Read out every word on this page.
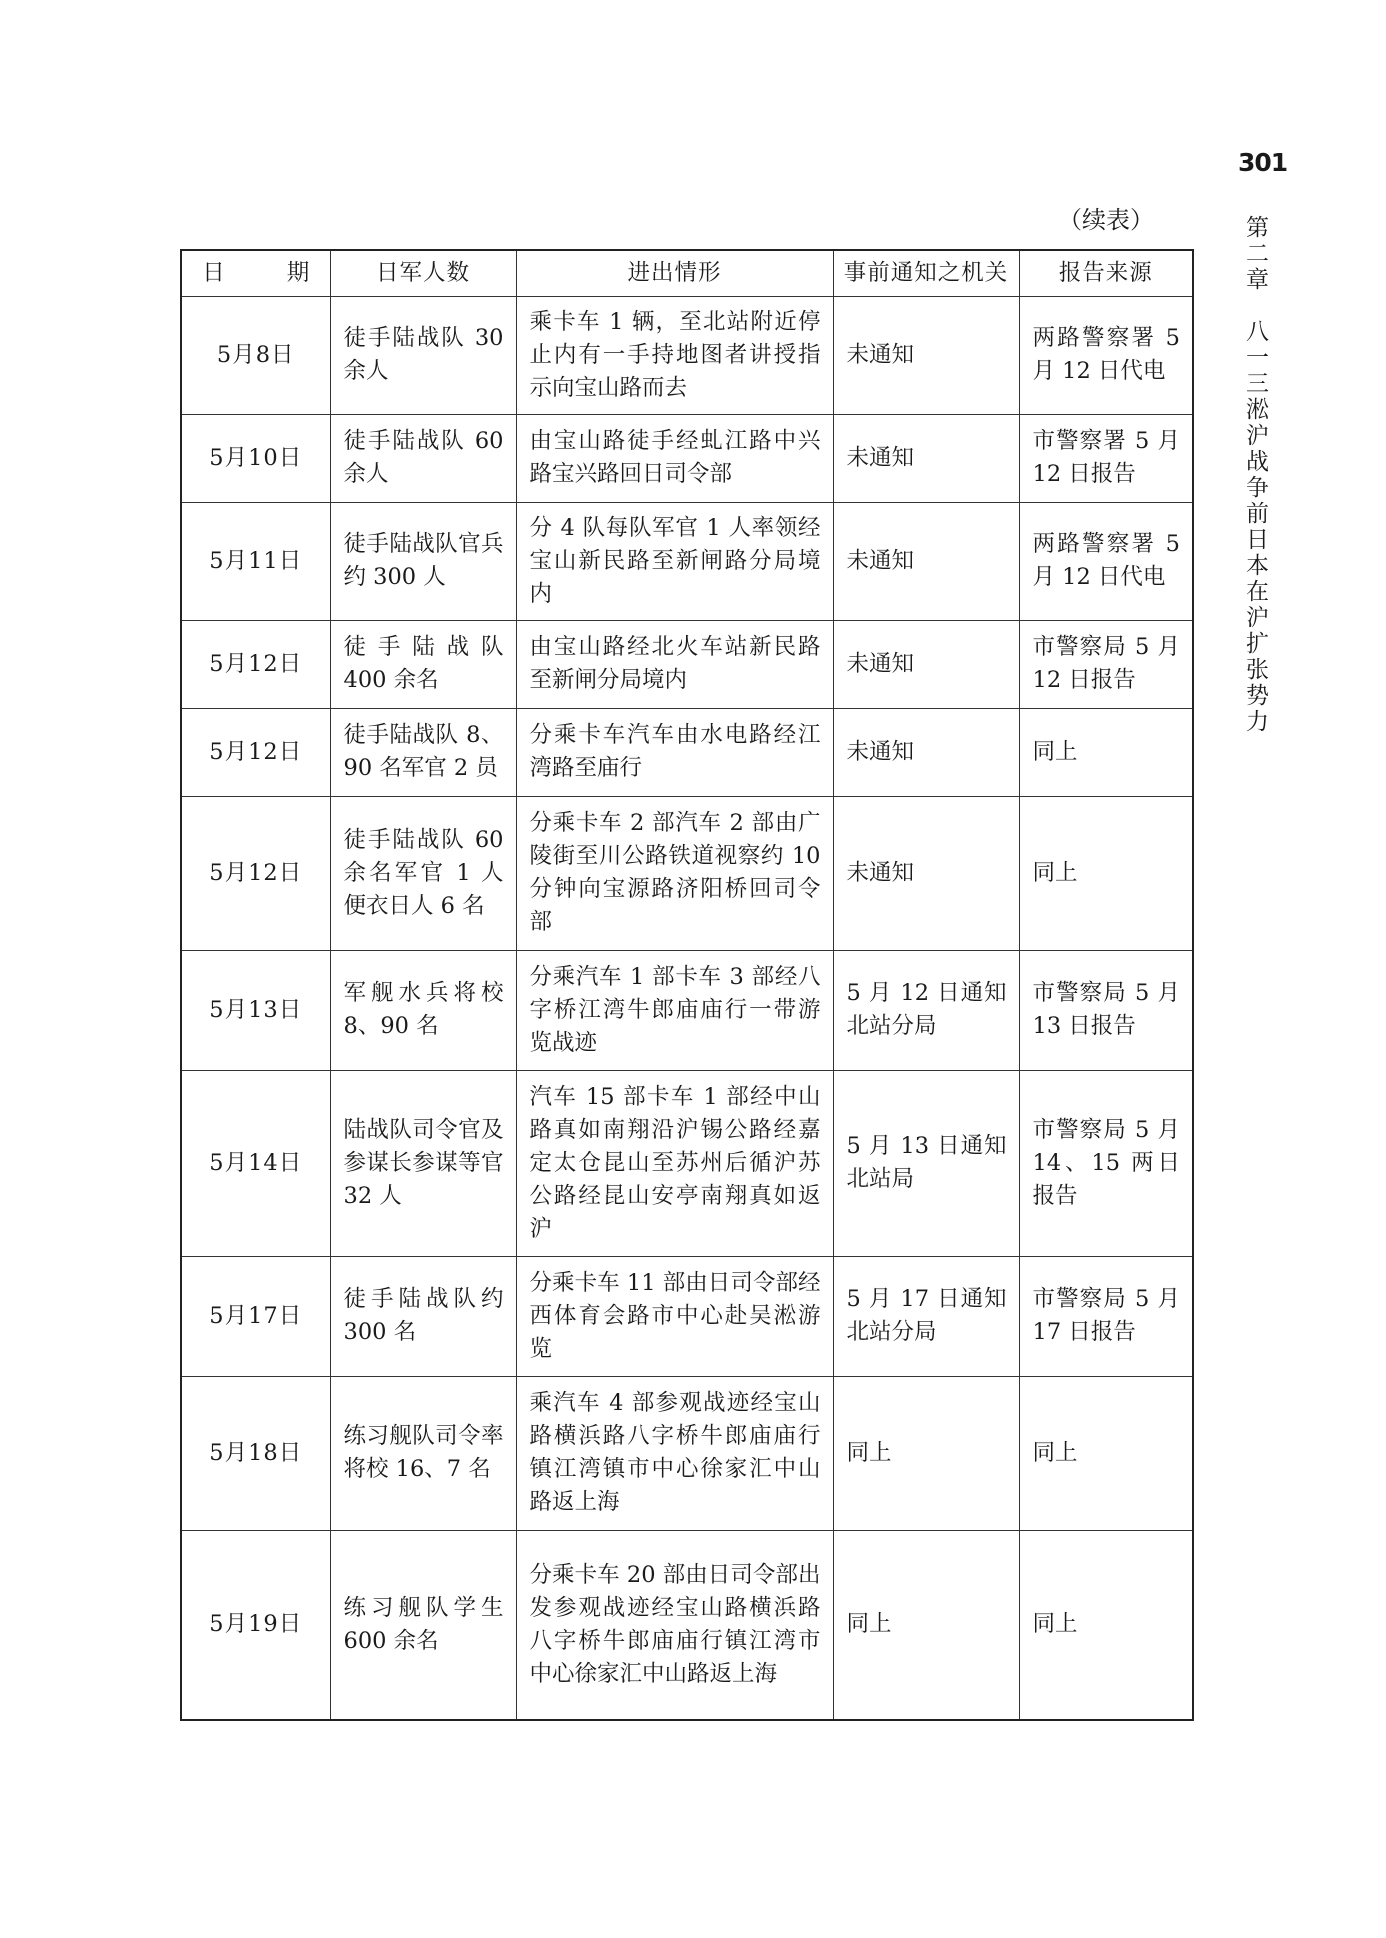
301
第二章　八一三淞沪战争前日本在沪扩张势力
（续表）
日 期	日军人数	进出情形	事前通知之机关	报告来源
5月8日	徒手陆战队 30 余人	乘卡车 1 辆，至北站附近停止内有一手持地图者讲授指示向宝山路而去	未通知	两路警察署 5 月 12 日代电
5月10日	徒手陆战队 60 余人	由宝山路徒手经虬江路中兴路宝兴路回日司令部	未通知	市警察署 5 月 12 日报告
5月11日	徒手陆战队官兵约 300 人	分 4 队每队军官 1 人率领经宝山新民路至新闸路分局境内	未通知	两路警察署 5 月 12 日代电
5月12日	徒手陆战队 400 余名	由宝山路经北火车站新民路至新闸分局境内	未通知	市警察局 5 月 12 日报告
5月12日	徒手陆战队 8、90 名军官 2 员	分乘卡车汽车由水电路经江湾路至庙行	未通知	同上
5月12日	徒手陆战队 60 余名军官 1 人便衣日人 6 名	分乘卡车 2 部汽车 2 部由广陵街至川公路铁道视察约 10 分钟向宝源路济阳桥回司令部	未通知	同上
5月13日	军舰水兵将校 8、90 名	分乘汽车 1 部卡车 3 部经八字桥江湾牛郎庙庙行一带游览战迹	5 月 12 日通知北站分局	市警察局 5 月 13 日报告
5月14日	陆战队司令官及参谋长参谋等官 32 人	汽车 15 部卡车 1 部经中山路真如南翔沿沪锡公路经嘉定太仓昆山至苏州后循沪苏公路经昆山安亭南翔真如返沪	5 月 13 日通知北站局	市警察局 5 月 14、15 两日报告
5月17日	徒手陆战队约 300 名	分乘卡车 11 部由日司令部经西体育会路市中心赴吴淞游览	5 月 17 日通知北站分局	市警察局 5 月 17 日报告
5月18日	练习舰队司令率将校 16、7 名	乘汽车 4 部参观战迹经宝山路横浜路八字桥牛郎庙庙行镇江湾镇市中心徐家汇中山路返上海	同上	同上
5月19日	练习舰队学生 600 余名	分乘卡车 20 部由日司令部出发参观战迹经宝山路横浜路八字桥牛郎庙庙行镇江湾市中心徐家汇中山路返上海	同上	同上
